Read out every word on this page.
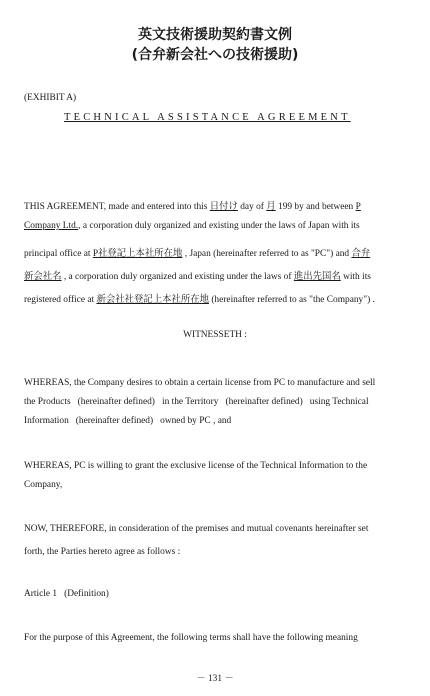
英文技術援助契約書文例
(合弁新会社への技術援助)
(EXHIBIT A)
TECHNICAL ASSISTANCE AGREEMENT
THIS AGREEMENT, made and entered into this 日付け day of 月 199 by and between P
Company Ltd., a corporation duly organized and existing under the laws of Japan with its
principal office at P社登記上本社所在地 , Japan (hereinafter referred to as "PC") and 合弁
新会社名 , a corporation duly organized and existing under the laws of 進出先国名 with its
registered office at 新会社社登記上本社所在地 (hereinafter referred to as "the Company") .
WITNESSETH :
WHEREAS, the Company desires to obtain a certain license from PC to manufacture and sell
the Products   (hereinafter defined)   in the Territory   (hereinafter defined)   using Technical
Information   (hereinafter defined)   owned by PC , and
WHEREAS, PC is willing to grant the exclusive license of the Technical Information to the
Company,
NOW, THEREFORE, in consideration of the premises and mutual covenants hereinafter set
forth, the Parties hereto agree as follows :
Article 1   (Definition)
For the purpose of this Agreement, the following terms shall have the following meaning
－ 131 －
